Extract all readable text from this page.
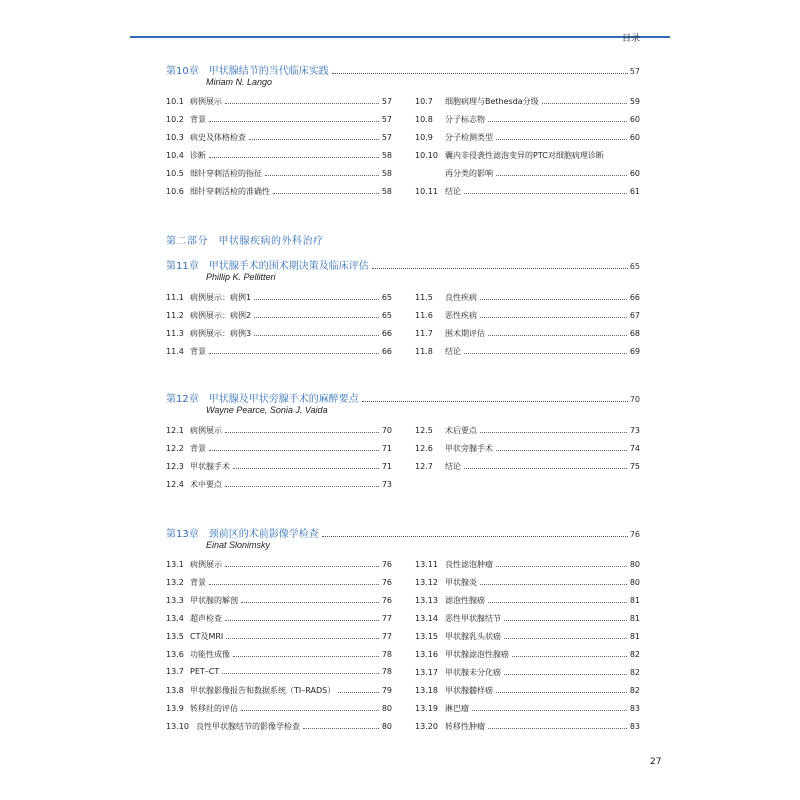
目录
第10章 甲状腺结节的当代临床实践	57
Miriam N. Lango
10.1 病例展示	57
10.2 背景	57
10.3 病史及体格检查	57
10.4 诊断	58
10.5 细针穿刺活检的指征	58
10.6 细针穿刺活检的准确性	58
10.7	细胞病理与Bethesda分级	59
10.8	分子标志物	60
10.9	分子检测类型	60
10.10 囊内非侵袭性滤泡变异的PTC对细胞病理诊断
再分类的影响	60
10.11 结论	61
第二部分　甲状腺疾病的外科治疗
第11章 甲状腺手术的围术期决策及临床评估	65
Phillip K. Pellitteri
11.1 病例展示：病例1	65
11.2 病例展示：病例2	65
11.3 病例展示：病例3	66
11.4 背景	66
11.5	良性疾病	66
11.6	恶性疾病	67
11.7	围术期评估	68
11.8	结论	69
第12章 甲状腺及甲状旁腺手术的麻醉要点	70
Wayne Pearce, Sonia J. Vaida
12.1 病例展示	70
12.2 背景	71
12.3 甲状腺手术	71
12.4 术中要点	73
12.5	术后要点	73
12.6	甲状旁腺手术	74
12.7	结论	75
第13章 颈前区的术前影像学检查	76
Einat Slonimsky
13.1 病例展示	76
13.2 背景	76
13.3 甲状腺的解剖	76
13.4 超声检查	77
13.5 CT及MRI	77
13.6 功能性成像	78
13.7 PET–CT	78
13.8 甲状腺影像报告和数据系统（TI–RADS）	79
13.9 转移灶的评估	80
13.10 良性甲状腺结节的影像学检查	80
13.11 良性滤泡肿瘤	80
13.12 甲状腺炎	80
13.13 滤泡性腺癌	81
13.14 恶性甲状腺结节	81
13.15 甲状腺乳头状癌	81
13.16 甲状腺滤泡性腺癌	82
13.17 甲状腺未分化癌	82
13.18 甲状腺髓样癌	82
13.19 淋巴瘤	83
13.20 转移性肿瘤	83
27
